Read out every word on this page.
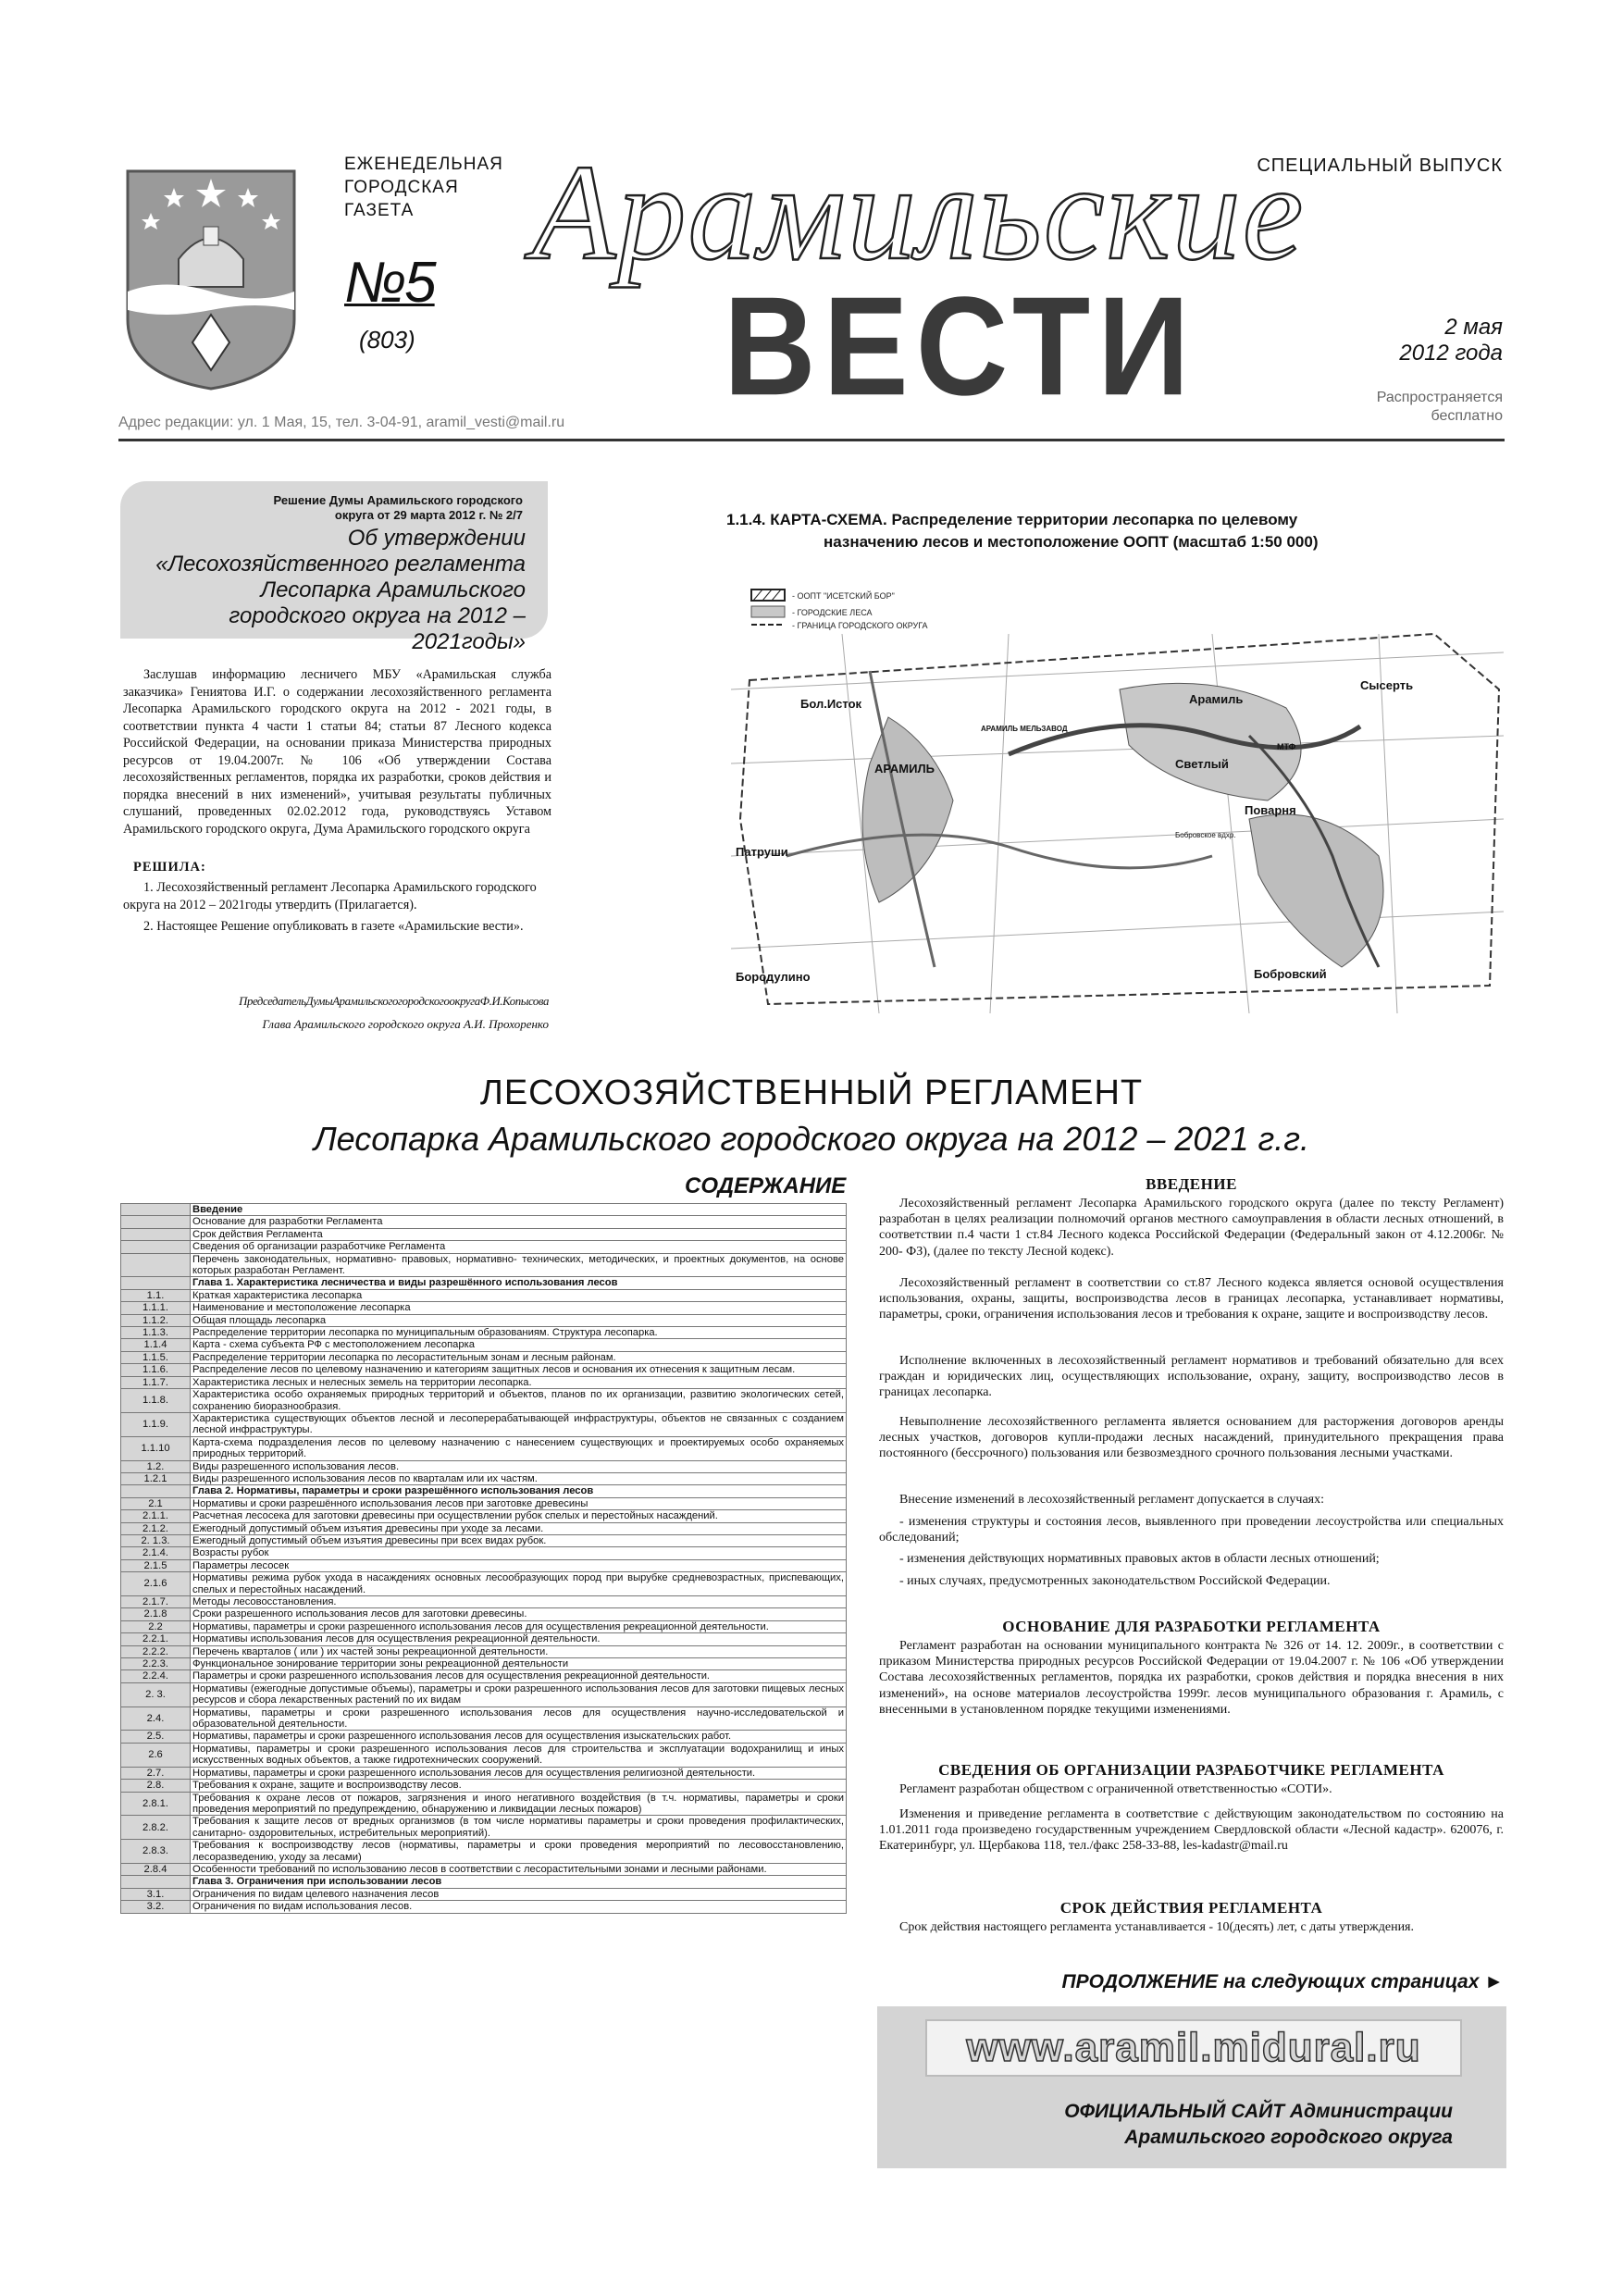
ЕЖЕНЕДЕЛЬНАЯ
ГОРОДСКАЯ
ГАЗЕТА
№5
(803)
Арамильские
ВЕСТИ
СПЕЦИАЛЬНЫЙ ВЫПУСК
2 мая
2012 года
Распространяется
бесплатно
Адрес редакции: ул. 1 Мая, 15, тел. 3-04-91, aramil_vesti@mail.ru
Решение Думы Арамильского городского
округа от 29 марта 2012 г. № 2/7
Об утверждении «Лесохозяйственного регламента Лесопарка Арамильского городского округа на 2012 – 2021годы»
Заслушав информацию лесничего МБУ «Арамильская служба заказчика» Гениятова И.Г. о содержании лесохозяйственного регламента Лесопарка Арамильского городского округа на 2012 - 2021 годы, в соответствии пункта 4 части 1 статьи 84; статьи 87 Лесного кодекса Российской Федерации, на основании приказа Министерства природных ресурсов от 19.04.2007г. № 106 «Об утверждении Состава лесохозяйственных регламентов, порядка их разработки, сроков действия и порядка внесений в них изменений», учитывая результаты публичных слушаний, проведенных 02.02.2012 года, руководствуясь Уставом Арамильского городского округа, Дума Арамильского городского округа
РЕШИЛА:
1. Лесохозяйственный регламент Лесопарка Арамильского городского округа на 2012 – 2021годы утвердить (Прилагается).
2. Настоящее Решение опубликовать в газете «Арамильские вести».
ПредседательДумыАрамильскогогородскогоокругаФ.И.Копысова
Глава Арамильского городского округа А.И. Прохоренко
1.1.4. КАРТА-СХЕМА. Распределение территории лесопарка по целевому
назначению лесов и местоположение ООПТ (масштаб 1:50 000)
- ООПТ "ИСЕТСКИЙ БОР"
- ГОРОДСКИЕ ЛЕСА
- ГРАНИЦА ГОРОДСКОГО ОКРУГА
Бол.Исток	Арамиль
АРАМИЛЬ МЕЛЬЗАВОД
АРАМИЛЬ	Светлый
Сысерть
Патруши
Бородулино	Бобровский
Бобровское вдхр.
МТФ
Поварня
ЛЕСОХОЗЯЙСТВЕННЫЙ РЕГЛАМЕНТ
Лесопарка Арамильского городского округа на 2012 – 2021 г.г.
СОДЕРЖАНИЕ
	Введение
	Основание для разработки Регламента
	Срок действия Регламента
	Сведения об организации разработчике Регламента
	Перечень законодательных, нормативно- правовых, нормативно- технических, методических, и проектных документов, на основе которых разработан Регламент.
	Глава 1. Характеристика лесничества и виды разрешённого использования лесов
1.1.	Краткая характеристика лесопарка
1.1.1.	Наименование и местоположение лесопарка
1.1.2.	Общая площадь лесопарка
1.1.3.	Распределение территории лесопарка по муниципальным образованиям. Структура лесопарка.
1.1.4	Карта - схема субъекта РФ с местоположением лесопарка
1.1.5.	Распределение территории лесопарка по лесорастительным зонам и лесным районам.
1.1.6.	Распределение лесов по целевому назначению и категориям защитных лесов и основания их отнесения к защитным лесам.
1.1.7.	Характеристика лесных и нелесных земель на территории лесопарка.
1.1.8.	Характеристика особо охраняемых природных территорий и объектов, планов по их организации, развитию экологических сетей, сохранению биоразнообразия.
1.1.9.	Характеристика существующих объектов лесной и лесоперерабатывающей инфраструктуры, объектов не связанных с созданием лесной инфраструктуры.
1.1.10	Карта-схема подразделения лесов по целевому назначению с нанесением существующих и проектируемых особо охраняемых природных территорий.
1.2.	Виды разрешенного использования лесов.
1.2.1	Виды разрешенного использования лесов по кварталам или их частям.
	Глава 2. Нормативы, параметры и сроки разрешённого использования лесов
2.1	Нормативы и сроки разрешённого использования лесов при заготовке древесины
2.1.1.	Расчетная лесосека для заготовки древесины при осуществлении рубок спелых и перестойных насаждений.
2.1.2.	Ежегодный допустимый объем изъятия древесины при уходе за лесами.
2. 1.3.	Ежегодный допустимый объем изъятия древесины при всех видах рубок.
2.1.4.	Возрасты рубок
2.1.5	Параметры лесосек
2.1.6	Нормативы режима рубок ухода в насаждениях основных лесообразующих пород при вырубке средневозрастных, приспевающих, спелых и перестойных насаждений.
2.1.7.	Методы лесовосстановления.
2.1.8	Сроки разрешенного использования лесов для заготовки древесины.
2.2	Нормативы, параметры и сроки разрешенного использования лесов для осуществления рекреационной деятельности.
2.2.1.	Нормативы использования лесов для осуществления рекреационной деятельности.
2.2.2.	Перечень кварталов ( или ) их частей зоны рекреационной деятельности.
2.2.3.	Функциональное зонирование территории зоны рекреационной деятельности
2.2.4.	Параметры и сроки разрешенного использования лесов для осуществления рекреационной деятельности.
2. 3.	Нормативы (ежегодные допустимые объемы), параметры и сроки разрешенного использования лесов для заготовки пищевых лесных ресурсов и сбора лекарственных растений по их видам
2.4.	Нормативы, параметры и сроки разрешенного использования лесов для осуществления научно-исследовательской и образовательной деятельности.
2.5.	Нормативы, параметры и сроки разрешенного использования лесов для осуществления изыскательских работ.
2.6	Нормативы, параметры и сроки разрешенного использования лесов для строительства и эксплуатации водохранилищ и иных искусственных водных объектов, а также гидротехнических сооружений.
2.7.	Нормативы, параметры и сроки разрешенного использования лесов для осуществления религиозной деятельности.
2.8.	Требования к охране, защите и воспроизводству лесов.
2.8.1.	Требования к охране лесов от пожаров, загрязнения и иного негативного воздействия (в т.ч. нормативы, параметры и сроки проведения мероприятий по предупреждению, обнаружению и ликвидации лесных пожаров)
2.8.2.	Требования к защите лесов от вредных организмов (в том числе нормативы параметры и сроки проведения профилактических, санитарно- оздоровительных, истребительных мероприятий).
2.8.3.	Требования к воспроизводству лесов (нормативы, параметры и сроки проведения мероприятий по лесовосстановлению, лесоразведению, уходу за лесами)
2.8.4	Особенности требований по использованию лесов в соответствии с лесорастительными зонами и лесными районами.
	Глава 3. Ограничения при использовании лесов
3.1.	Ограничения по видам целевого назначения лесов
3.2.	Ограничения по видам использования лесов.
ВВЕДЕНИЕ
Лесохозяйственный регламент Лесопарка Арамильского городского округа (далее по тексту Регламент) разработан в целях реализации полномочий органов местного самоуправления в области лесных отношений, в соответствии п.4 части 1 ст.84 Лесного кодекса Российской Федерации (Федеральный закон от 4.12.2006г. № 200- ФЗ), (далее по тексту Лесной кодекс).
Лесохозяйственный регламент в соответствии со ст.87 Лесного кодекса является основой осуществления использования, охраны, защиты, воспроизводства лесов в границах лесопарка, устанавливает нормативы, параметры, сроки, ограничения использования лесов и требования к охране, защите и воспроизводству лесов.
Исполнение включенных в лесохозяйственный регламент нормативов и требований обязательно для всех граждан и юридических лиц, осуществляющих использование, охрану, защиту, воспроизводство лесов в границах лесопарка.
Невыполнение лесохозяйственного регламента является основанием для расторжения договоров аренды лесных участков, договоров купли-продажи лесных насаждений, принудительного прекращения права постоянного (бессрочного) пользования или безвозмездного срочного пользования лесными участками.
Внесение изменений в лесохозяйственный регламент допускается в случаях:
- изменения структуры и состояния лесов, выявленного при проведении лесоустройства или специальных обследований;
- изменения действующих нормативных правовых актов в области лесных отношений;
- иных случаях, предусмотренных законодательством Российской Федерации.
ОСНОВАНИЕ ДЛЯ РАЗРАБОТКИ РЕГЛАМЕНТА
Регламент разработан на основании муниципального контракта № 326 от 14. 12. 2009г., в соответствии с приказом Министерства природных ресурсов Российской Федерации от 19.04.2007 г. № 106 «Об утверждении Состава лесохозяйственных регламентов, порядка их разработки, сроков действия и порядка внесения в них изменений», на основе материалов лесоустройства 1999г. лесов муниципального образования г. Арамиль, с внесенными в установленном порядке текущими изменениями.
СВЕДЕНИЯ ОБ ОРГАНИЗАЦИИ РАЗРАБОТЧИКЕ РЕГЛАМЕНТА
Регламент разработан обществом с ограниченной ответственностью «СОТИ».
Изменения и приведение регламента в соответствие с действующим законодательством по состоянию на 1.01.2011 года произведено государственным учреждением Свердловской области «Лесной кадастр». 620076, г. Екатеринбург, ул. Щербакова 118, тел./факс 258-33-88, les-kadastr@mail.ru
СРОК ДЕЙСТВИЯ РЕГЛАМЕНТА
Срок действия настоящего регламента устанавливается - 10(десять) лет, с даты утверждения.
ПРОДОЛЖЕНИЕ на следующих страницах ►
www.aramil.midural.ru
ОФИЦИАЛЬНЫЙ САЙТ Администрации
Арамильского городского округа
